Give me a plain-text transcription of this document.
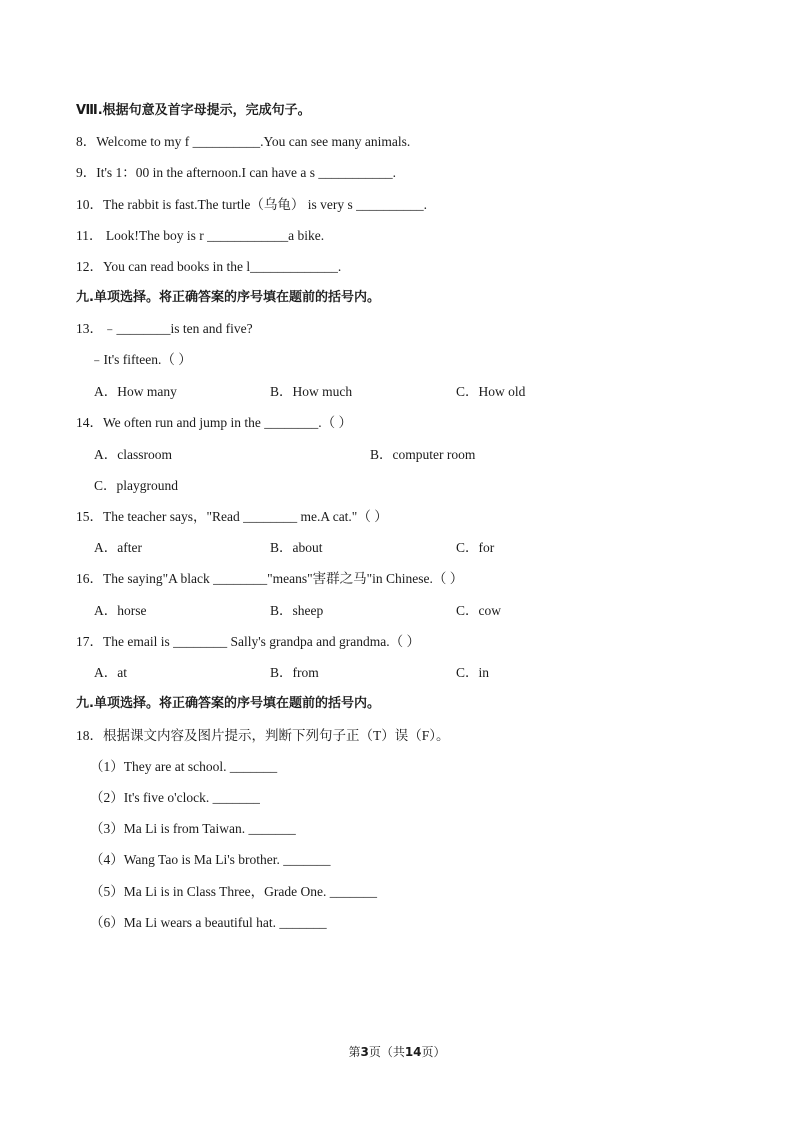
Ⅷ.根据句意及首字母提示，完成句子。
8．Welcome to my f __________.You can see many animals.
9．It's 1：00 in the afternoon.I can have a s ___________.
10．The rabbit is fast.The turtle（乌龟） is very s __________.
11． Look!The boy is r ____________a bike.
12．You can read books in the l_____________.
九.单项选择。将正确答案的序号填在题前的括号内。
13．﹣________is ten and five?
﹣It's fifteen.（ ）
A．How many	B．How much	C．How old
14．We often run and jump in the ________.（ ）
A．classroom	B．computer room
C．playground
15．The teacher says，"Read ________ me.A cat."（ ）
A．after	B．about	C．for
16．The saying"A black ________"means"害群之马"in Chinese.（ ）
A．horse	B．sheep	C．cow
17．The email is ________ Sally's grandpa and grandma.（ ）
A．at	B．from	C．in
九.单项选择。将正确答案的序号填在题前的括号内。
18．根据课文内容及图片提示，判断下列句子正（T）误（F）。
（1）They are at school. _______
（2）It's five o'clock. _______
（3）Ma Li is from Taiwan. _______
（4）Wang Tao is Ma Li's brother. _______
（5）Ma Li is in Class Three，Grade One. _______
（6）Ma Li wears a beautiful hat. _______
第3页（共14页）
